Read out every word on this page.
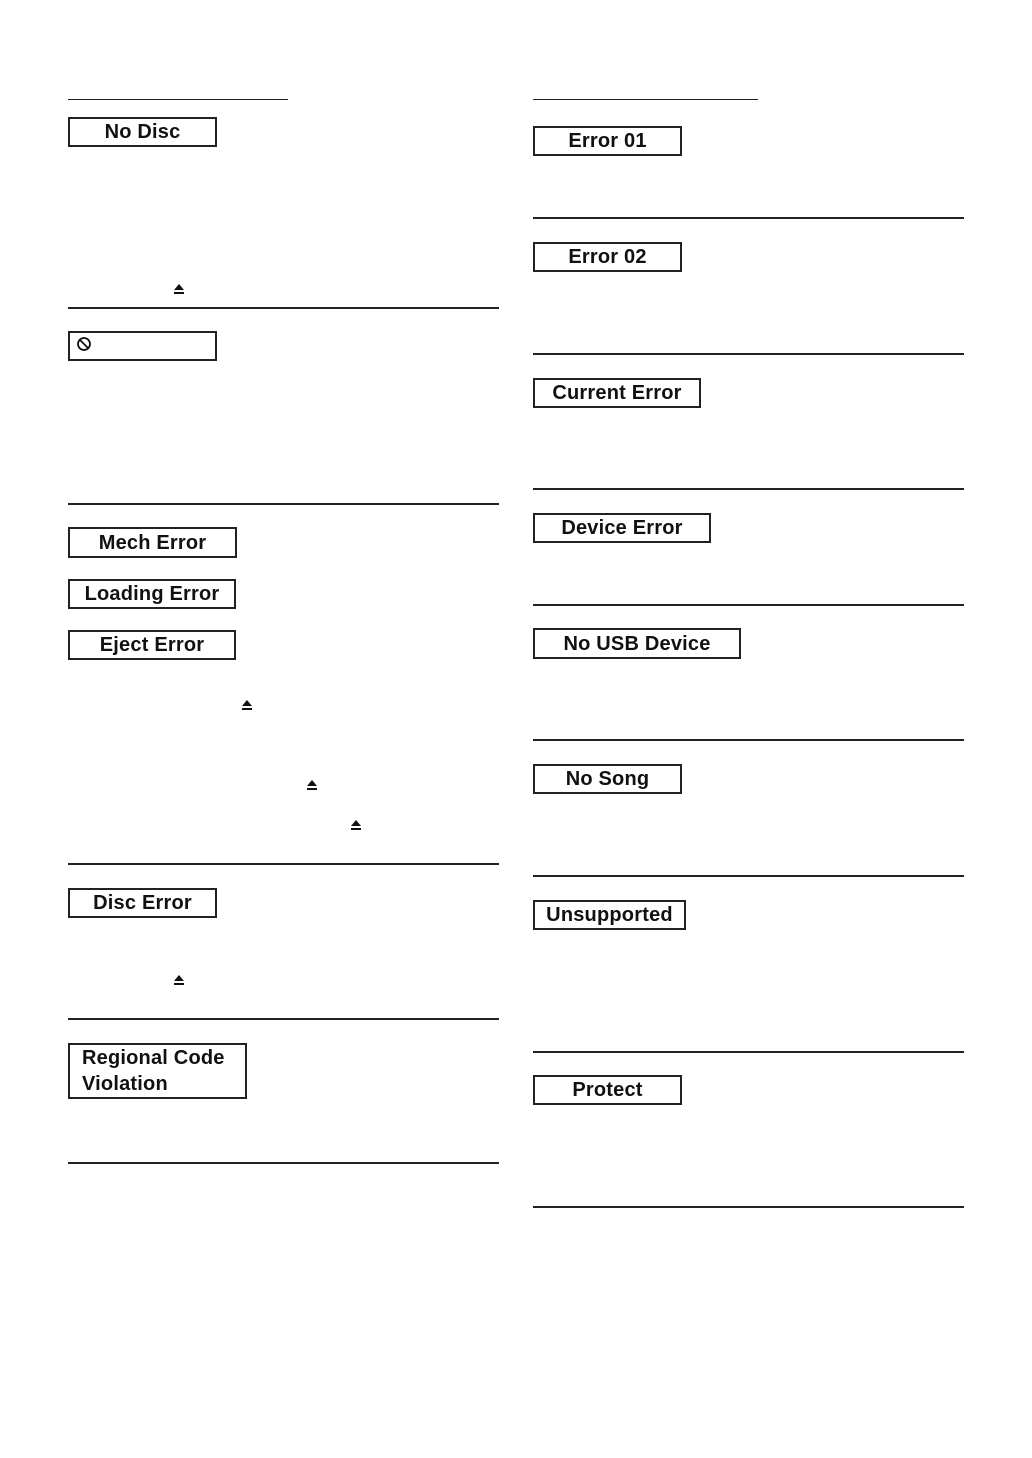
No Disc
Mech Error
Loading Error
Eject Error
Disc Error
Regional Code
Violation
Error 01
Error 02
Current Error
Device Error
No USB Device
No Song
Unsupported
Protect
